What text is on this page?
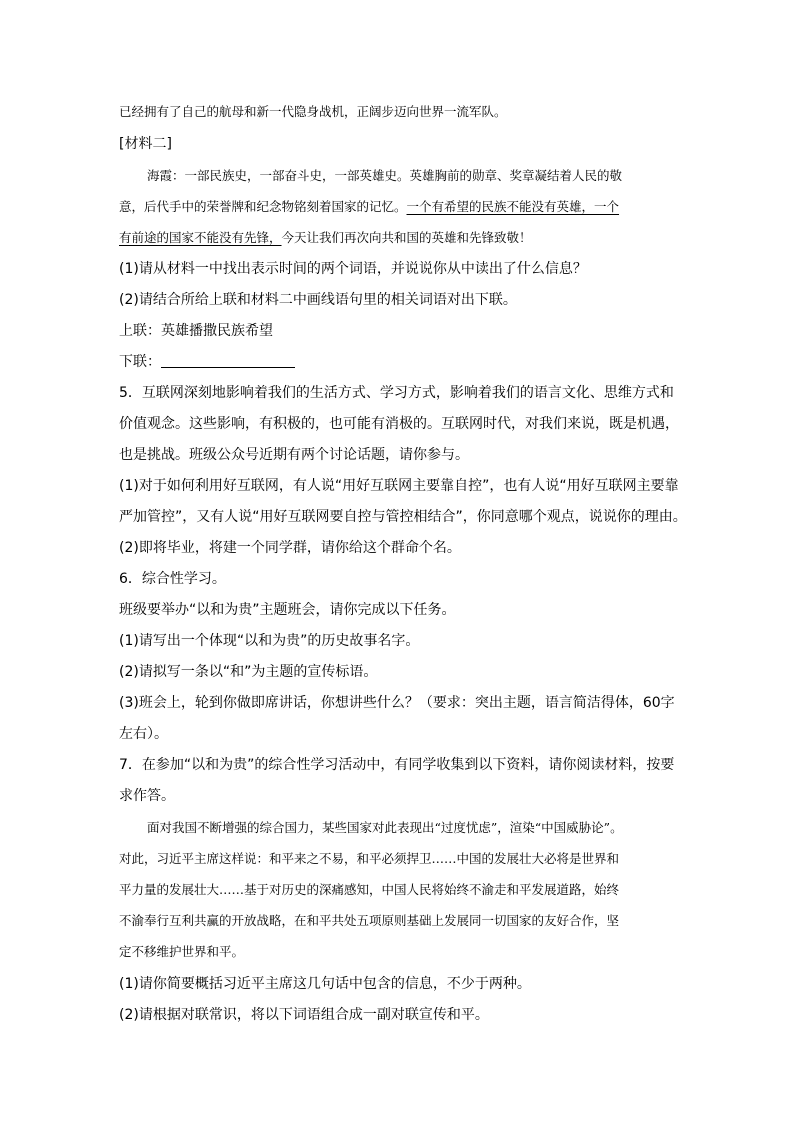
已经拥有了自己的航母和新一代隐身战机，正阔步迈向世界一流军队。
[材料二]
海霞：一部民族史，一部奋斗史，一部英雄史。英雄胸前的勋章、奖章凝结着人民的敬
意，后代手中的荣誉牌和纪念物铭刻着国家的记忆。一个有希望的民族不能没有英雄，一个
有前途的国家不能没有先锋，今天让我们再次向共和国的英雄和先锋致敬！
(1)请从材料一中找出表示时间的两个词语，并说说你从中读出了什么信息？
(2)请结合所给上联和材料二中画线语句里的相关词语对出下联。
上联：英雄播撒民族希望
下联：
5．互联网深刻地影响着我们的生活方式、学习方式，影响着我们的语言文化、思维方式和
价值观念。这些影响，有积极的，也可能有消极的。互联网时代，对我们来说，既是机遇，
也是挑战。班级公众号近期有两个讨论话题，请你参与。
(1)对于如何利用好互联网，有人说“用好互联网主要靠自控”，也有人说“用好互联网主要靠
严加管控”，又有人说“用好互联网要自控与管控相结合”，你同意哪个观点，说说你的理由。
(2)即将毕业，将建一个同学群，请你给这个群命个名。
6．综合性学习。
班级要举办“以和为贵”主题班会，请你完成以下任务。
(1)请写出一个体现“以和为贵”的历史故事名字。
(2)请拟写一条以“和”为主题的宣传标语。
(3)班会上，轮到你做即席讲话，你想讲些什么？（要求：突出主题，语言简洁得体，60字
左右）。
7．在参加“以和为贵”的综合性学习活动中，有同学收集到以下资料，请你阅读材料，按要
求作答。
面对我国不断增强的综合国力，某些国家对此表现出“过度忧虑”，渲染“中国威胁论”。
对此，习近平主席这样说：和平来之不易，和平必须捍卫……中国的发展壮大必将是世界和
平力量的发展壮大……基于对历史的深痛感知，中国人民将始终不渝走和平发展道路，始终
不渝奉行互利共赢的开放战略，在和平共处五项原则基础上发展同一切国家的友好合作，坚
定不移维护世界和平。
(1)请你简要概括习近平主席这几句话中包含的信息，不少于两种。
(2)请根据对联常识，将以下词语组合成一副对联宣传和平。
